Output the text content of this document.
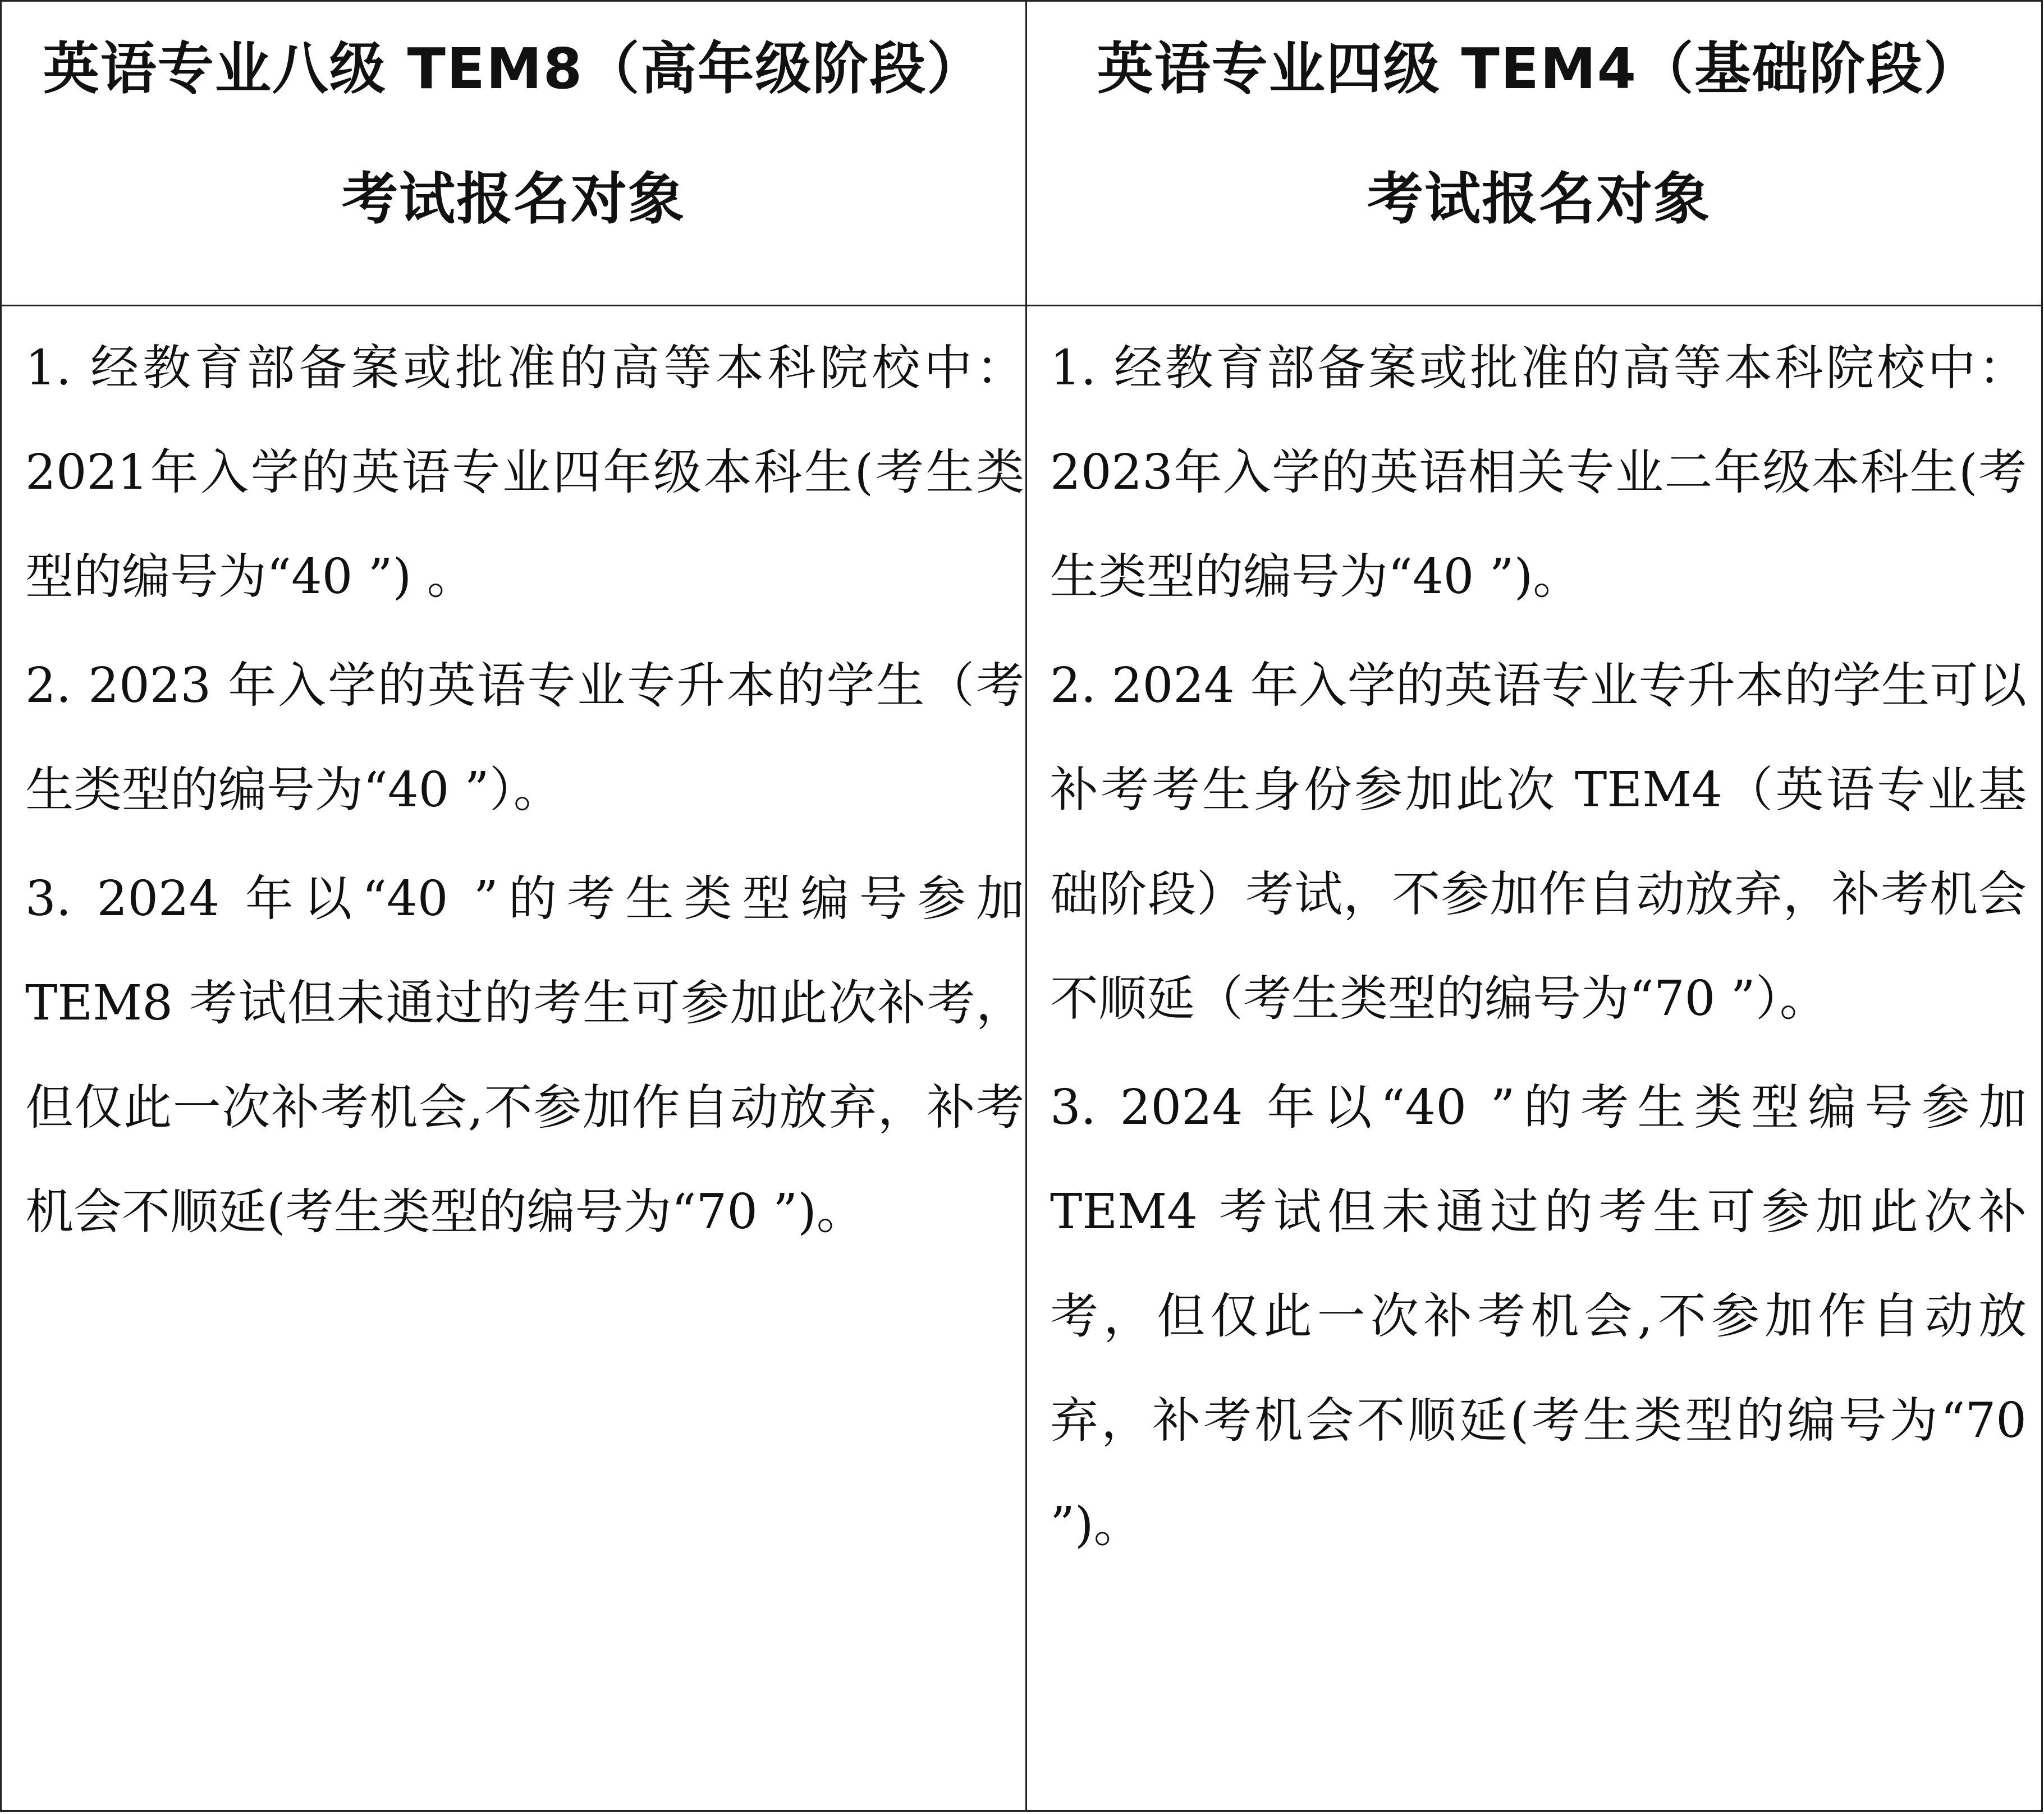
英语专业八级 TEM8（高年级阶段）
考试报名对象
英语专业四级 TEM4（基础阶段）
考试报名对象

1. 经教育部备案或批准的高等本科院校中：2021年入学的英语专业四年级本科生(考生类型的编号为“40 ”) 。

2. 2023 年入学的英语专业专升本的学生（考生类型的编号为“40 ”）。

3. 2024 年以“40 ”的考生类型编号参加TEM8 考试但未通过的考生可参加此次补考，但仅此一次补考机会,不参加作自动放弃，补考机会不顺延(考生类型的编号为“70 ”)。

1. 经教育部备案或批准的高等本科院校中：2023年入学的英语相关专业二年级本科生(考生类型的编号为“40 ”)。

2. 2024 年入学的英语专业专升本的学生可以补考考生身份参加此次 TEM4（英语专业基础阶段）考试，不参加作自动放弃，补考机会不顺延（考生类型的编号为“70 ”）。

3. 2024 年以“40 ”的考生类型编号参加TEM4 考试但未通过的考生可参加此次补考，但仅此一次补考机会,不参加作自动放弃，补考机会不顺延(考生类型的编号为“70 ”)。
